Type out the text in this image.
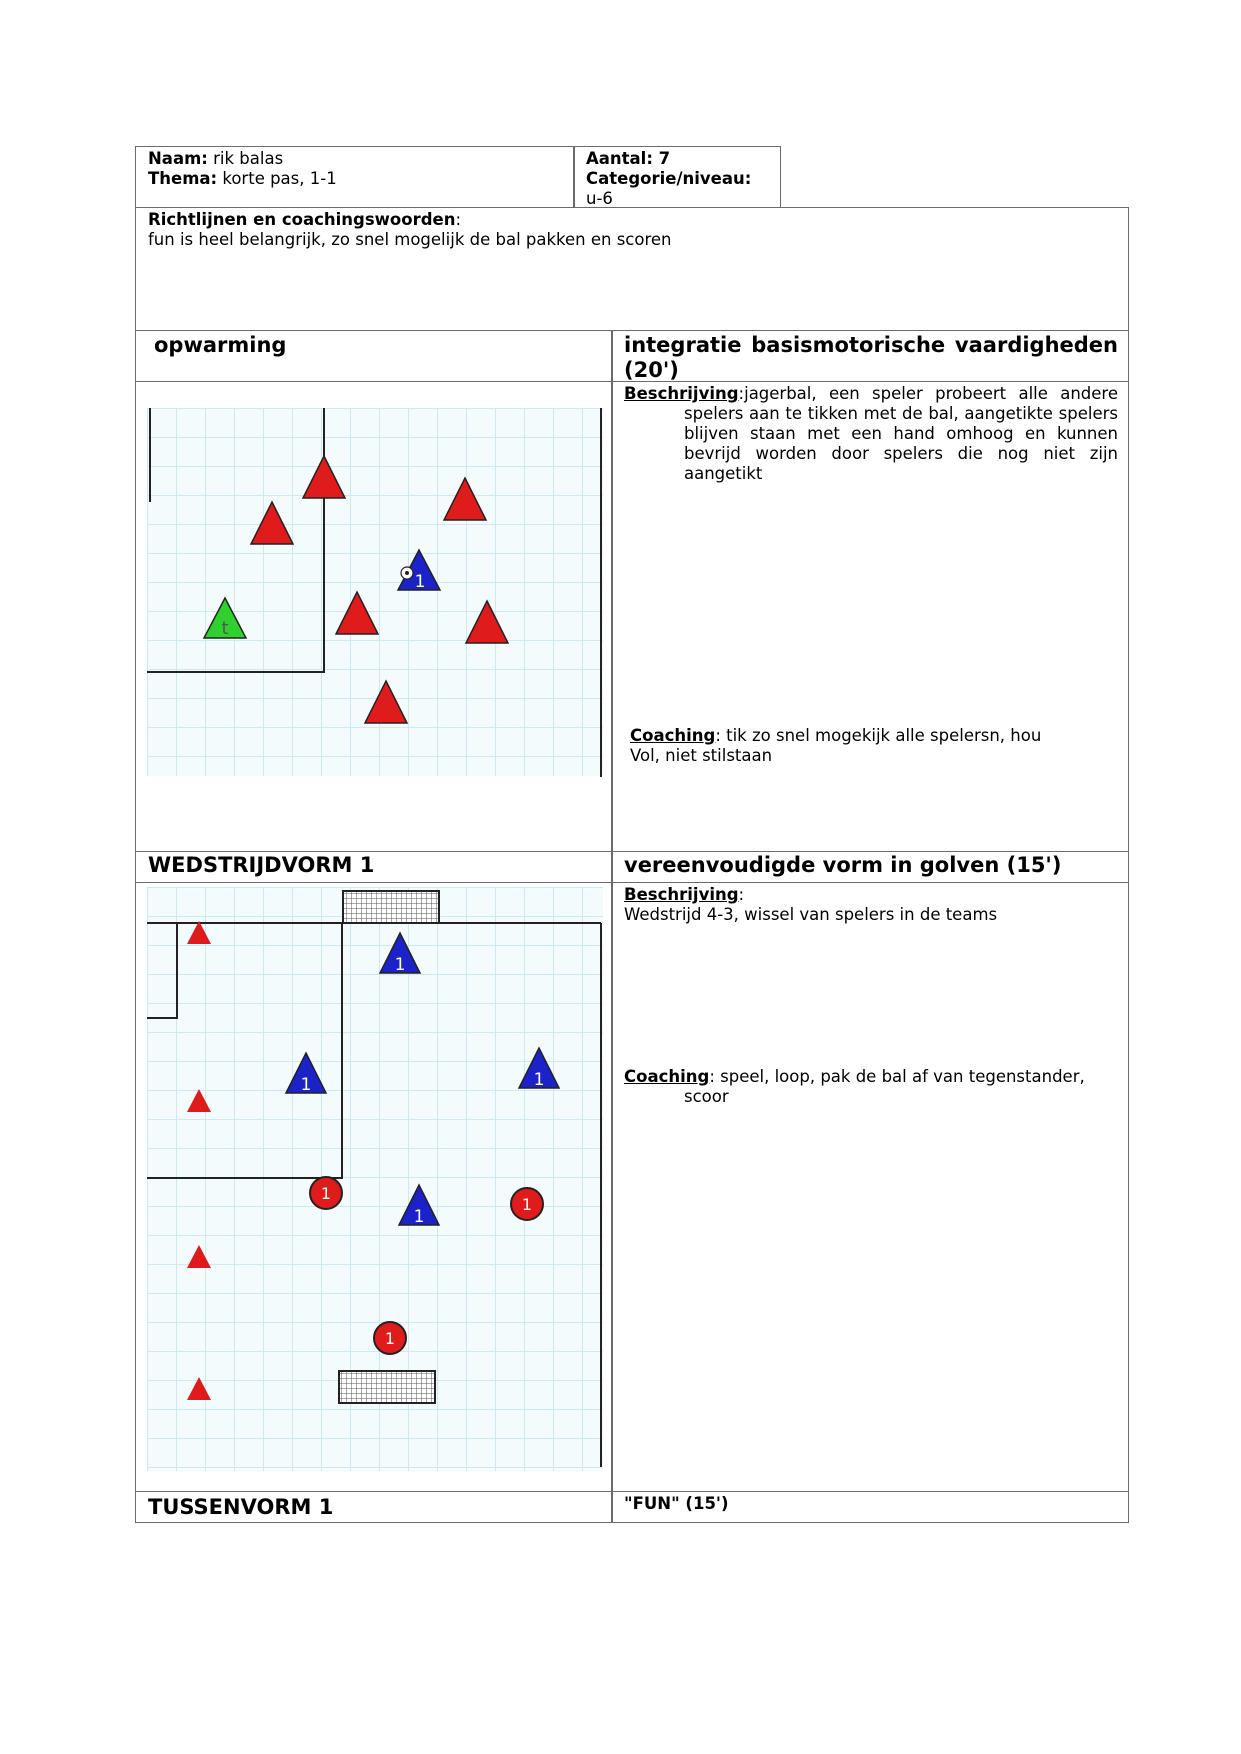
Naam: rik balas
Thema: korte pas, 1-1
Aantal: 7
Categorie/niveau:
u-6
Richtlijnen en coachingswoorden:
fun is heel belangrijk, zo snel mogelijk de bal pakken en scoren
opwarming	integratie basismotorische vaardigheden (20')
t
1
Beschrijving:jagerbal, een speler probeert alle andere spelers aan te tikken met de bal, aangetikte spelers blijven staan met een hand omhoog en kunnen bevrijd worden door spelers die nog niet zijn aangetikt
Coaching: tik zo snel mogekijk alle spelersn, hou
Vol, niet stilstaan
WEDSTRIJDVORM 1	vereenvoudigde vorm in golven (15')
1
1	1
1
1
1
1
Beschrijving:
Wedstrijd 4-3, wissel van spelers in de teams
Coaching: speel, loop, pak de bal af van tegenstander, scoor
TUSSENVORM 1	"FUN" (15')
